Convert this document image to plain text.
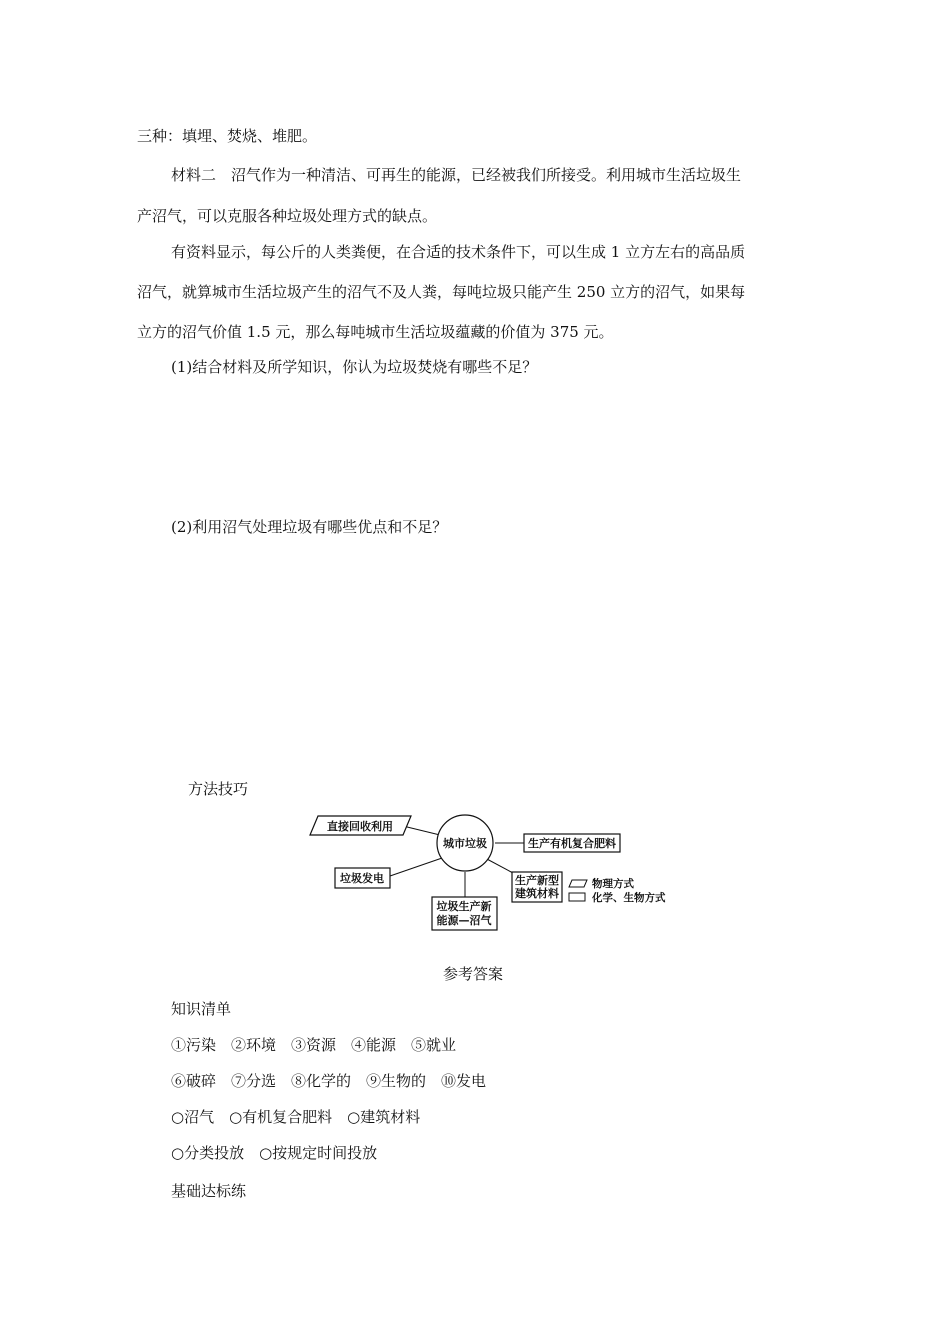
三种：填埋、焚烧、堆肥。
材料二　沼气作为一种清洁、可再生的能源，已经被我们所接受。利用城市生活垃圾生
产沼气，可以克服各种垃圾处理方式的缺点。
有资料显示，每公斤的人类粪便，在合适的技术条件下，可以生成 1 立方左右的高品质
沼气，就算城市生活垃圾产生的沼气不及人粪，每吨垃圾只能产生 250 立方的沼气，如果每
立方的沼气价值 1.5 元，那么每吨城市生活垃圾蕴藏的价值为 375 元。
(1)结合材料及所学知识，你认为垃圾焚烧有哪些不足？
(2)利用沼气处理垃圾有哪些优点和不足？
方法技巧
城市垃圾
直接回收利用
生产有机复合肥料
垃圾发电	生产新型
建筑材料
垃圾生产新
能源—沼气
物理方式
化学、生物方式
参考答案
知识清单
①污染　②环境　③资源　④能源　⑤就业
⑥破碎　⑦分选　⑧化学的　⑨生物的　⑩发电
○沼气　○有机复合肥料　○建筑材料
○分类投放　○按规定时间投放
基础达标练
